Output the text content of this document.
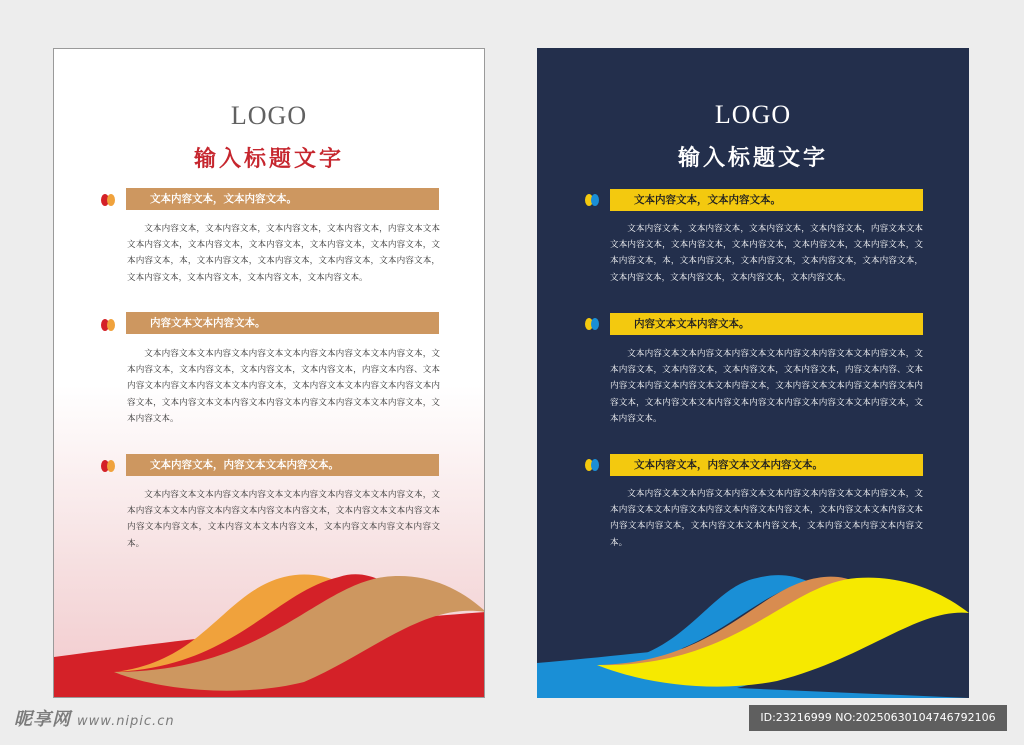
LOGO
输入标题文字
文本内容文本，文本内容文本。

文本内容文本，文本内容文本，文本内容文本，文本内容文本，内容文本文本文本内容文本，文本内容文本，文本内容文本，文本内容文本，文本内容文本，文本内容文本，本，文本内容文本，文本内容文本，文本内容文本，文本内容文本，文本内容文本，文本内容文本，文本内容文本，文本内容文本。

内容文本文本内容文本。

文本内容文本文本内容文本内容文本文本内容文本内容文本文本内容文本，文本内容文本，文本内容文本，文本内容文本，文本内容文本，内容文本内容、文本内容文本内容文本内容文本文本内容文本，文本内容文本文本内容文本内容文本内容文本，文本内容文本文本内容文本内容文本内容文本内容文本文本内容文本，文本内容文本。

文本内容文本，内容文本文本内容文本。

文本内容文本文本内容文本内容文本文本内容文本内容文本文本内容文本，文本内容文本文本内容文本内容文本内容文本内容文本，文本内容文本文本内容文本内容文本内容文本，文本内容文本文本内容文本，文本内容文本内容文本内容文本。

LOGO
输入标题文字
文本内容文本，文本内容文本。

文本内容文本，文本内容文本，文本内容文本，文本内容文本，内容文本文本文本内容文本，文本内容文本，文本内容文本，文本内容文本，文本内容文本，文本内容文本，本，文本内容文本，文本内容文本，文本内容文本，文本内容文本，文本内容文本，文本内容文本，文本内容文本，文本内容文本。

内容文本文本内容文本。

文本内容文本文本内容文本内容文本文本内容文本内容文本文本内容文本，文本内容文本，文本内容文本，文本内容文本，文本内容文本，内容文本内容、文本内容文本内容文本内容文本文本内容文本，文本内容文本文本内容文本内容文本内容文本，文本内容文本文本内容文本内容文本内容文本内容文本文本内容文本，文本内容文本。

文本内容文本，内容文本文本内容文本。

文本内容文本文本内容文本内容文本文本内容文本内容文本文本内容文本，文本内容文本文本内容文本内容文本内容文本内容文本，文本内容文本文本内容文本内容文本内容文本，文本内容文本文本内容文本，文本内容文本内容文本内容文本。

昵享网 www.nipic.cn	ID:23216999 NO:20250630104746792106
